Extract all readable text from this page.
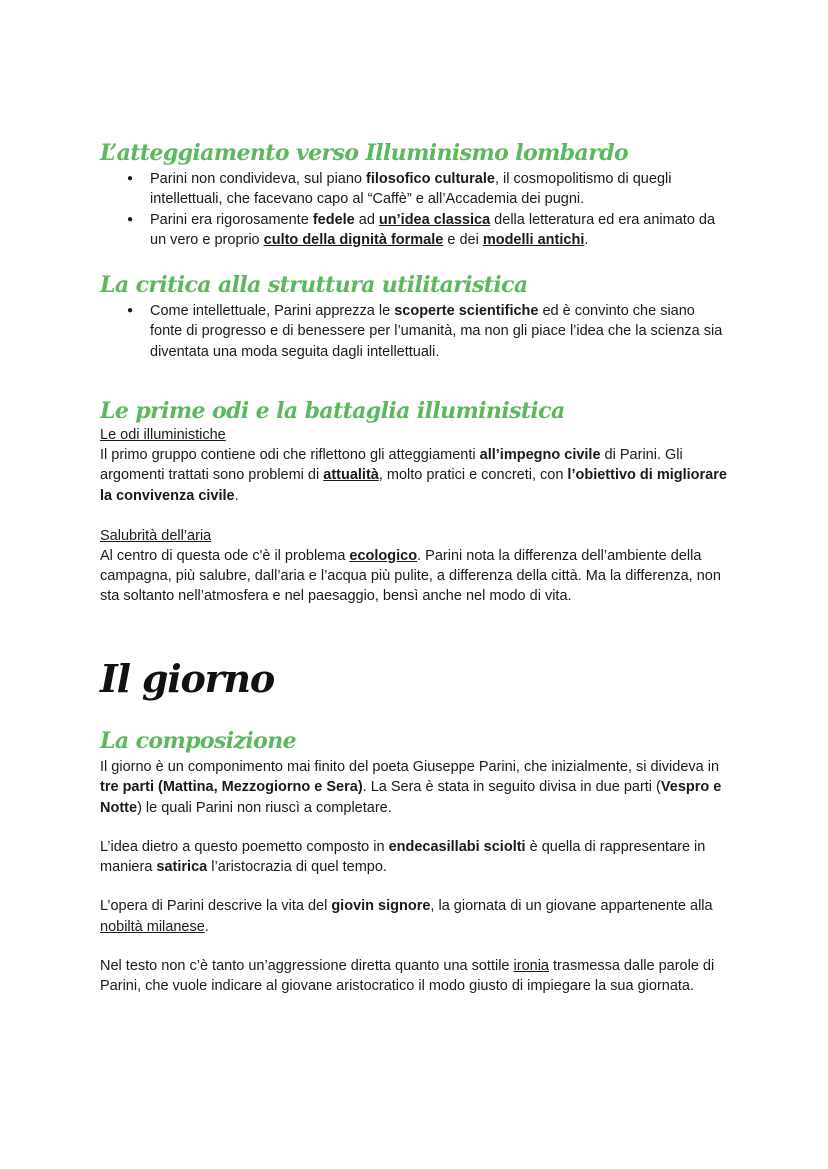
L’atteggiamento verso Illuminismo lombardo
● Parini non condivideva, sul piano filosofico culturale, il cosmopolitismo di quegli intellettuali, che facevano capo al “Caffè” e all’Accademia dei pugni.
● Parini era rigorosamente fedele ad un’idea classica della letteratura ed era animato da un vero e proprio culto della dignità formale e dei modelli antichi.
La critica alla struttura utilitaristica
● Come intellettuale, Parini apprezza le scoperte scientifiche ed è convinto che siano fonte di progresso e di benessere per l’umanità, ma non gli piace l’idea che la scienza sia diventata una moda seguita dagli intellettuali.
Le prime odi e la battaglia illuministica

Le odi illuministiche

Il primo gruppo contiene odi che riflettono gli atteggiamenti all’impegno civile di Parini. Gli argomenti trattati sono problemi di attualità, molto pratici e concreti, con l’obiettivo di migliorare la convivenza civile.

Salubrità dell’aria

Al centro di questa ode c'è il problema ecologico. Parini nota la differenza dell’ambiente della campagna, più salubre, dall’aria e l’acqua più pulite, a differenza della città. Ma la differenza, non sta soltanto nell’atmosfera e nel paesaggio, bensì anche nel modo di vita.

Il giorno
La composizione

Il giorno è un componimento mai finito del poeta Giuseppe Parini, che inizialmente, si divideva in tre parti (Mattina, Mezzogiorno e Sera). La Sera è stata in seguito divisa in due parti (Vespro e Notte) le quali Parini non riuscì a completare.

L’idea dietro a questo poemetto composto in endecasillabi sciolti è quella di rappresentare in maniera satirica l’aristocrazia di quel tempo.

L’opera di Parini descrive la vita del giovin signore, la giornata di un giovane appartenente alla nobiltà milanese.

Nel testo non c’è tanto un’aggressione diretta quanto una sottile ironia trasmessa dalle parole di Parini, che vuole indicare al giovane aristocratico il modo giusto di impiegare la sua giornata.
